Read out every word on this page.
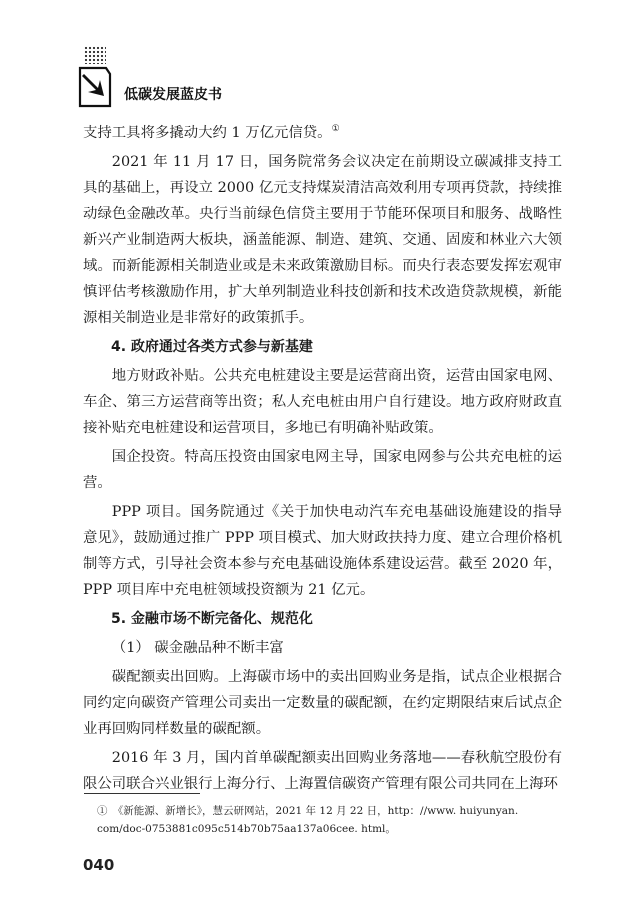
低碳发展蓝皮书

支持工具将多撬动大约 1 万亿元信贷。①

2021 年 11 月 17 日，国务院常务会议决定在前期设立碳减排支持工具的基础上，再设立 2000 亿元支持煤炭清洁高效利用专项再贷款，持续推动绿色金融改革。央行当前绿色信贷主要用于节能环保项目和服务、战略性新兴产业制造两大板块，涵盖能源、制造、建筑、交通、固废和林业六大领域。而新能源相关制造业或是未来政策激励目标。而央行表态要发挥宏观审慎评估考核激励作用，扩大单列制造业科技创新和技术改造贷款规模，新能源相关制造业是非常好的政策抓手。

4. 政府通过各类方式参与新基建

地方财政补贴。公共充电桩建设主要是运营商出资，运营由国家电网、车企、第三方运营商等出资；私人充电桩由用户自行建设。地方政府财政直接补贴充电桩建设和运营项目，多地已有明确补贴政策。

国企投资。特高压投资由国家电网主导，国家电网参与公共充电桩的运营。

PPP 项目。国务院通过《关于加快电动汽车充电基础设施建设的指导意见》，鼓励通过推广 PPP 项目模式、加大财政扶持力度、建立合理价格机制等方式，引导社会资本参与充电基础设施体系建设运营。截至 2020 年，PPP 项目库中充电桩领域投资额为 21 亿元。

5. 金融市场不断完备化、规范化

（1） 碳金融品种不断丰富

碳配额卖出回购。上海碳市场中的卖出回购业务是指，试点企业根据合同约定向碳资产管理公司卖出一定数量的碳配额，在约定期限结束后试点企业再回购同样数量的碳配额。

2016 年 3 月，国内首单碳配额卖出回购业务落地——春秋航空股份有限公司联合兴业银行上海分行、上海置信碳资产管理有限公司共同在上海环

①　《新能源、新增长》，慧云研网站，2021 年 12 月 22 日，http：//www. huiyunyan. com/doc-0753881c095c514b70b75aa137a06cee. html。
040
